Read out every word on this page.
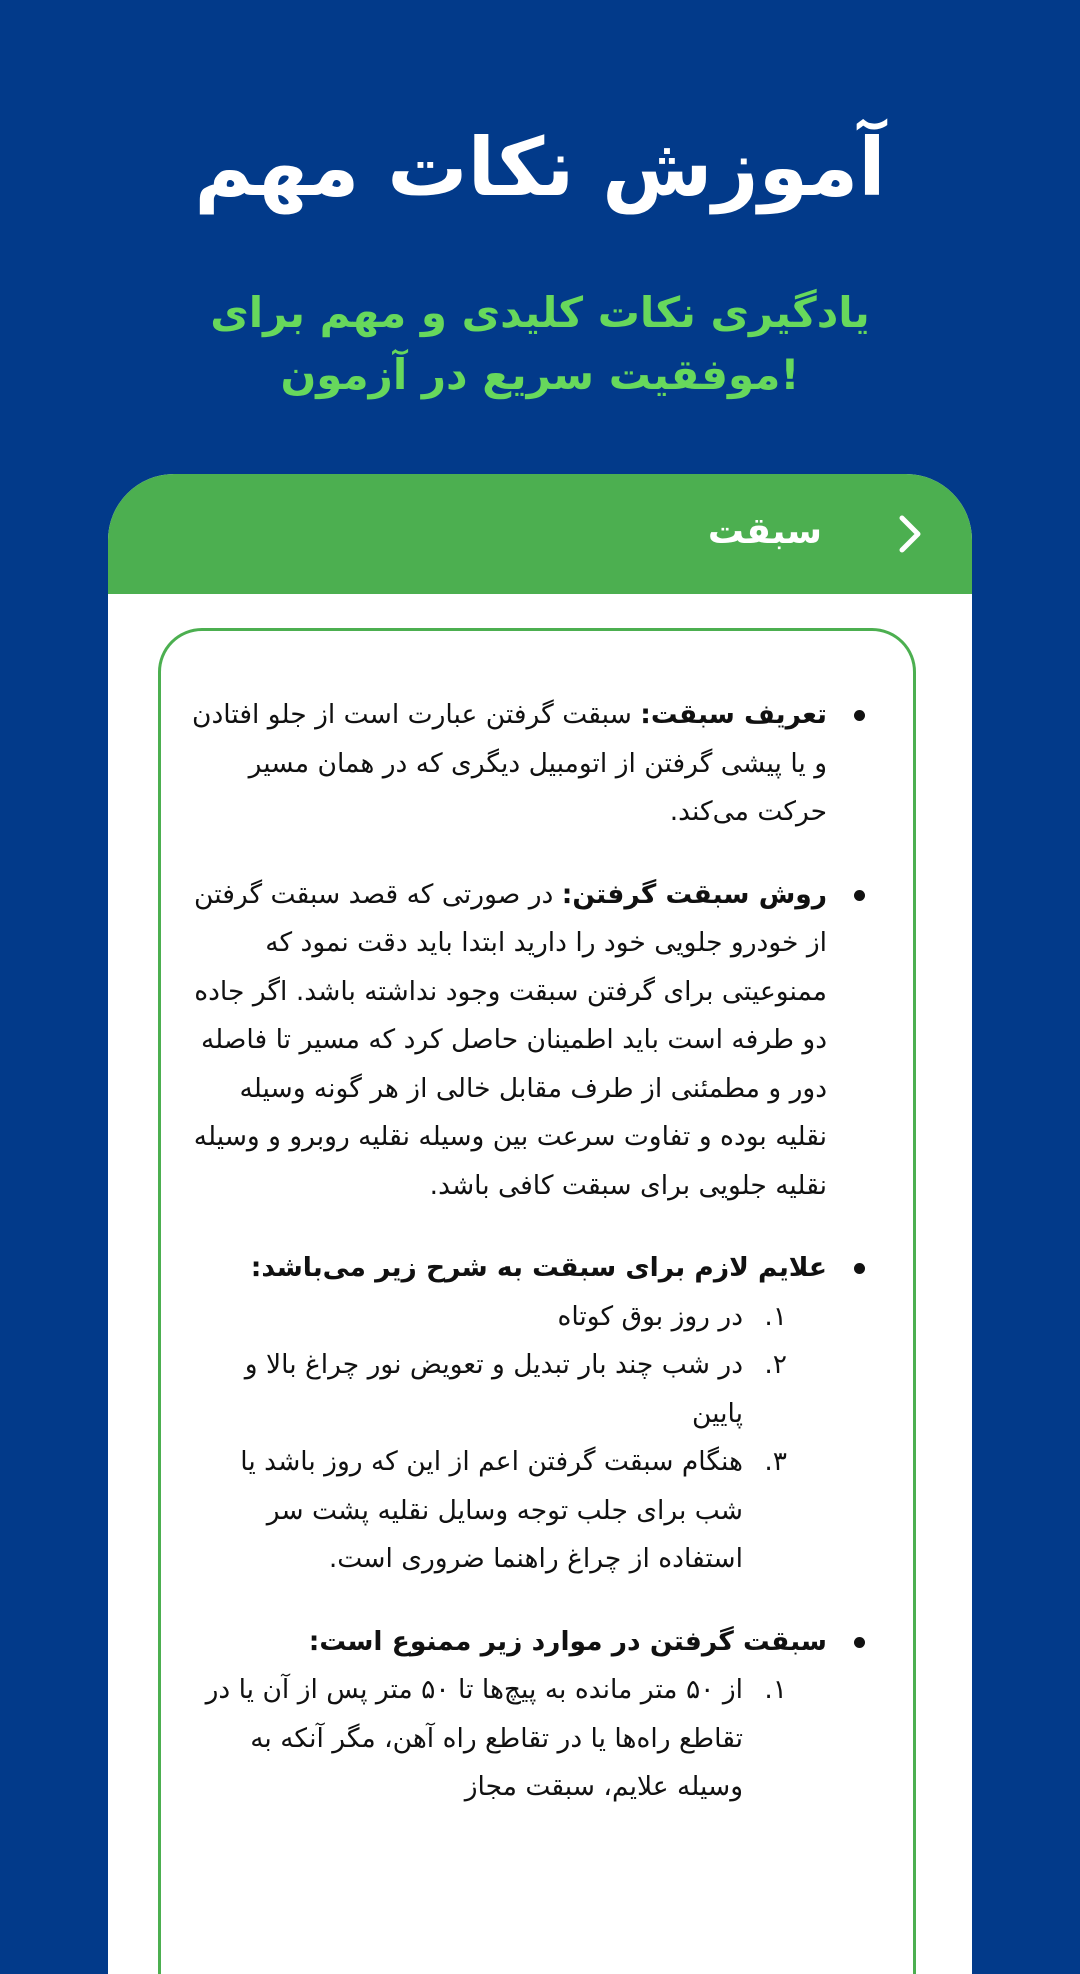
آموزش نکات مهم

یادگیری نکات کلیدی و مهم برای موفقیت سریع در آزمون!

سبقت
تعریف سبقت: سبقت گرفتن عبارت است از جلو افتادن و یا پیشی گرفتن از اتومبیل دیگری که در همان مسیر حرکت می‌کند.
روش سبقت گرفتن: در صورتی که قصد سبقت گرفتن از خودرو جلویی خود را دارید ابتدا باید دقت نمود که ممنوعیتی برای گرفتن سبقت وجود نداشته باشد. اگر جاده دو طرفه است باید اطمینان حاصل کرد که مسیر تا فاصله دور و مطمئنی از طرف مقابل خالی از هر گونه وسیله نقلیه بوده و تفاوت سرعت بین وسیله نقلیه روبرو و وسیله نقلیه جلویی برای سبقت کافی باشد.
علایم لازم برای سبقت به شرح زیر می‌باشد:
۱.
در روز بوق کوتاه
۲.
در شب چند بار تبدیل و تعویض نور چراغ بالا و پایین
۳.
هنگام سبقت گرفتن اعم از این که روز باشد یا شب برای جلب توجه وسایل نقلیه پشت سر استفاده از چراغ راهنما ضروری است.
سبقت گرفتن در موارد زیر ممنوع است:
۱.
از ۵۰ متر مانده به پیچ‌ها تا ۵۰ متر پس از آن یا در تقاطع راه‌ها یا در تقاطع راه آهن، مگر آنکه به وسیله علایم، سبقت مجاز
